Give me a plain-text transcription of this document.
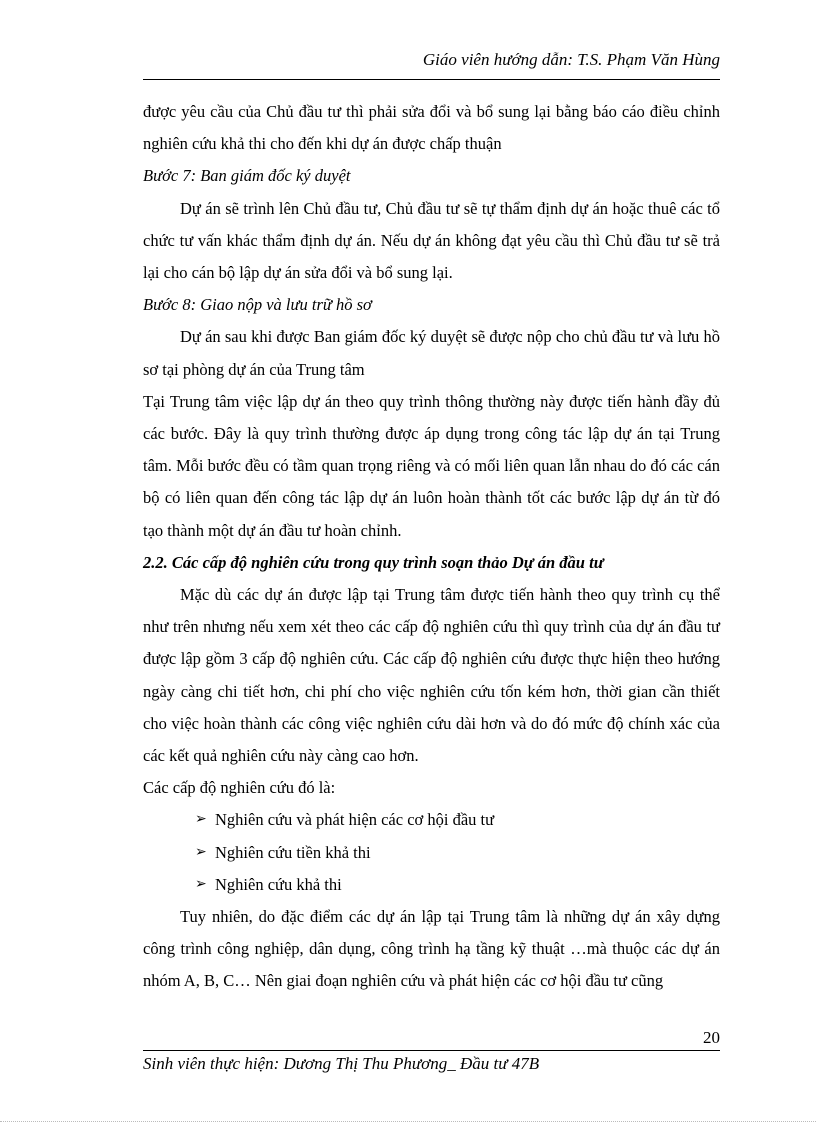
Giáo viên hướng dẫn: T.S. Phạm Văn Hùng

được yêu cầu của Chủ đầu tư thì phải sửa đổi và bổ sung lại bằng báo cáo điều chỉnh nghiên cứu khả thi cho đến khi dự án được chấp thuận

Bước 7: Ban giám đốc ký duyệt

Dự án sẽ trình lên Chủ đầu tư, Chủ đầu tư sẽ tự thẩm định dự án hoặc thuê các tổ chức tư vấn khác thẩm định dự án. Nếu dự án không đạt yêu cầu thì Chủ đầu tư sẽ trả lại cho cán bộ lập dự án sửa đổi và bổ sung lại.

Bước 8: Giao nộp và lưu trữ hồ sơ

Dự án sau khi được Ban giám đốc ký duyệt sẽ được nộp cho chủ đầu tư và lưu hồ sơ tại phòng dự án của Trung tâm

Tại Trung tâm việc lập dự án theo quy trình thông thường này được tiến hành đầy đủ các bước. Đây là quy trình thường được áp dụng trong công tác lập dự án tại Trung tâm. Mỗi bước đều có tầm quan trọng riêng và có mối liên quan lẫn nhau do đó các cán bộ có liên quan đến công tác lập dự án luôn hoàn thành tốt các bước lập dự án từ đó tạo thành một dự án đầu tư hoàn chỉnh.

2.2. Các cấp độ nghiên cứu trong quy trình soạn thảo Dự án đầu tư

Mặc dù các dự án được lập tại Trung tâm được tiến hành theo quy trình cụ thể như trên nhưng nếu xem xét theo các cấp độ nghiên cứu thì quy trình của dự án đầu tư được lập gồm 3 cấp độ nghiên cứu. Các cấp độ nghiên cứu được thực hiện theo hướng ngày càng chi tiết hơn, chi phí cho việc nghiên cứu tốn kém hơn, thời gian cần thiết cho việc hoàn thành các công việc nghiên cứu dài hơn và do đó mức độ chính xác của các kết quả nghiên cứu này càng cao hơn.

Các cấp độ nghiên cứu đó là:

➢ Nghiên cứu và phát hiện các cơ hội đầu tư
➢ Nghiên cứu tiền khả thi
➢ Nghiên cứu khả thi

Tuy nhiên, do đặc điểm các dự án lập tại Trung tâm là những dự án xây dựng công trình công nghiệp, dân dụng, công trình hạ tầng kỹ thuật …mà thuộc các dự án nhóm A, B, C… Nên giai đoạn nghiên cứu và phát hiện các cơ hội đầu tư cũng

20
Sinh viên thực hiện: Dương Thị Thu Phương_ Đầu tư 47B
